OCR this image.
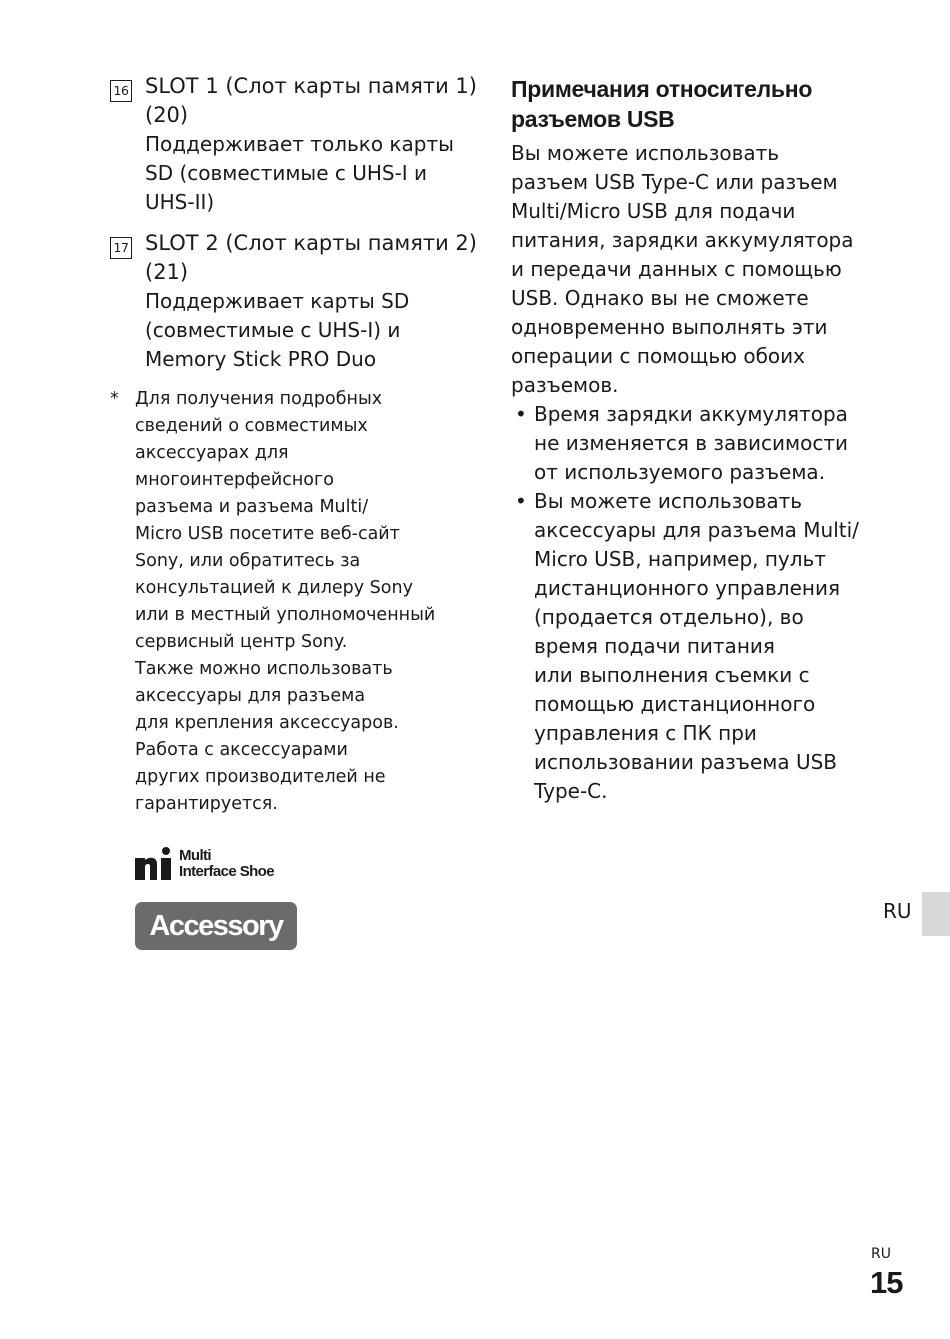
16 SLOT 1 (Слот карты памяти 1)
(20)
Поддерживает только карты
SD (совместимые с UHS-I и
UHS-II)
17 SLOT 2 (Слот карты памяти 2)
(21)
Поддерживает карты SD
(совместимые с UHS-I) и
Memory Stick PRO Duo
* Для получения подробных
сведений о совместимых
аксессуарах для
многоинтерфейсного
разъема и разъема Multi/
Micro USB посетите веб-сайт
Sony, или обратитесь за
консультацией к дилеру Sony
или в местный уполномоченный
сервисный центр Sony.
Также можно использовать
аксессуары для разъема
для крепления аксессуаров.
Работа с аксессуарами
других производителей не
гарантируется.
Multi
Interface Shoe
Accessory Shoe
Примечания относительно
разъемов USB
Вы можете использовать
разъем USB Type-C или разъем
Multi/Micro USB для подачи
питания, зарядки аккумулятора
и передачи данных с помощью
USB. Однако вы не сможете
одновременно выполнять эти
операции с помощью обоих
разъемов.
• Время зарядки аккумулятора
не изменяется в зависимости
от используемого разъема.
• Вы можете использовать
аксессуары для разъема Multi/
Micro USB, например, пульт
дистанционного управления
(продается отдельно), во
время подачи питания
или выполнения съемки с
помощью дистанционного
управления с ПК при
использовании разъема USB
Type-C.
RU
RU
15
